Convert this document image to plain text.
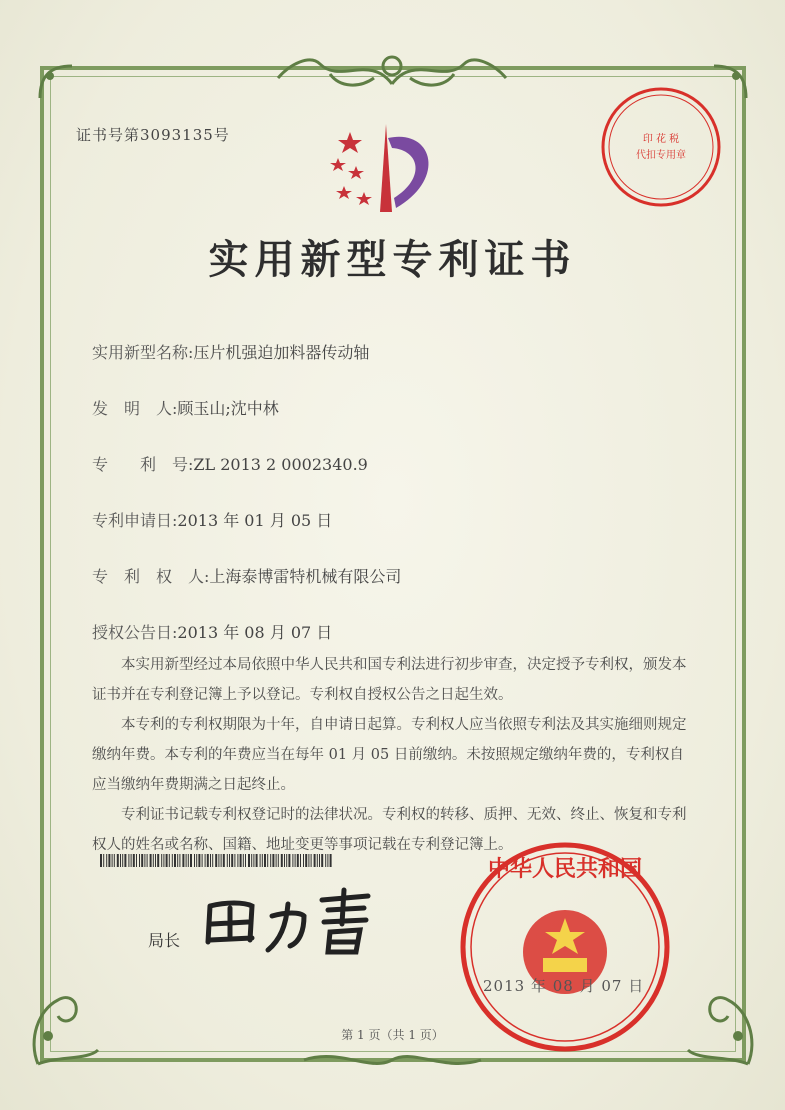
证书号第3093135号	印 花 税
代扣专用章
实用新型专利证书
实用新型名称:压片机强迫加料器传动轴
发　明　人:顾玉山;沈中林
专　　利　号:ZL 2013 2 0002340.9
专利申请日:2013 年 01 月 05 日
专　利　权　人:上海泰博雷特机械有限公司
授权公告日:2013 年 08 月 07 日

本实用新型经过本局依照中华人民共和国专利法进行初步审查，决定授予专利权，颁发本证书并在专利登记簿上予以登记。专利权自授权公告之日起生效。

本专利的专利权期限为十年，自申请日起算。专利权人应当依照专利法及其实施细则规定缴纳年费。本专利的年费应当在每年 01 月 05 日前缴纳。未按照规定缴纳年费的，专利权自应当缴纳年费期满之日起终止。

专利证书记载专利权登记时的法律状况。专利权的转移、质押、无效、终止、恢复和专利权人的姓名或名称、国籍、地址变更等事项记载在专利登记簿上。

局长
中华人民共和国
2013 年 08 月 07 日
第 1 页（共 1 页）
